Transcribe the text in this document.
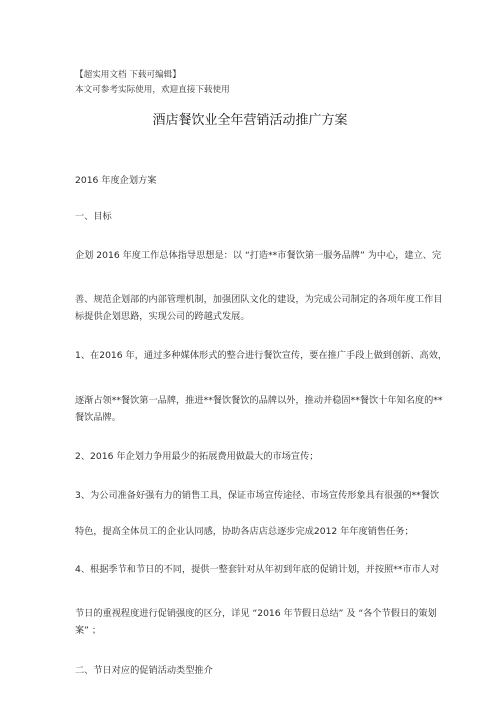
【超实用文档 下载可编辑】
本文可参考实际使用，欢迎直接下载使用
酒店餐饮业全年营销活动推广方案
2016 年度企划方案
一、目标
企划 2016 年度工作总体指导思想是：以 “打造**市餐饮第一服务品牌” 为中心，建立、完
善、规范企划部的内部管理机制，加强团队文化的建设，为完成公司制定的各项年度工作目
标提供企划思路，实现公司的跨越式发展。
1、在2016 年，通过多种媒体形式的整合进行餐饮宣传，要在推广手段上做到创新、高效，
逐渐占领**餐饮第一品牌，推进**餐饮餐饮的品牌以外，推动并稳固**餐饮十年知名度的**
餐饮品牌。
2、2016 年企划力争用最少的拓展费用做最大的市场宣传；
3、为公司准备好强有力的销售工具，保证市场宣传途径、市场宣传形象具有很强的**餐饮
特色，提高全体员工的企业认同感，协助各店店总逐步完成2012 年年度销售任务；
4、根据季节和节日的不同，提供一整套针对从年初到年底的促销计划，并按照**市市人对
节日的重视程度进行促销强度的区分，详见 “2016 年节假日总结” 及 “各个节假日的策划
案” ；
二、节日对应的促销活动类型推介
